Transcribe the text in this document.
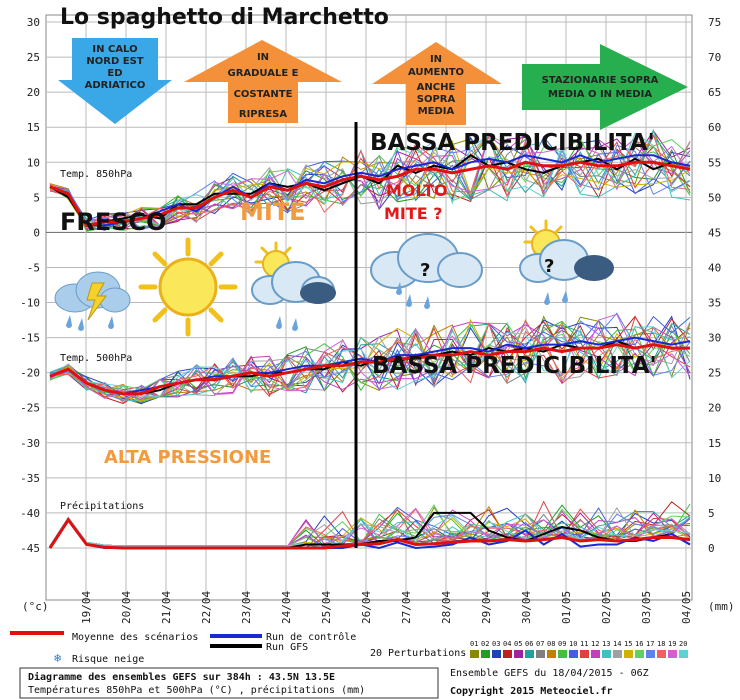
30	75
25	70
20	65
15	60
10	55
5	50
0	45
-5	40
-10	35
-15	30
-20	25
-25	20
-30	15
-35	10
-40	5
-45	0
(°c)	(mm)
19/04 20/04 21/04 22/04 23/04 24/04 25/04 26/04 27/04 28/04 29/04 30/04 01/05 02/05 03/05 04/05
Temp. 850hPa
Temp. 500hPa
Précipitations
Lo spaghetto di Marchetto
IN CALO
NORD EST
ED
ADRIATICO
IN
GRADUALE E
COSTANTE
RIPRESA
IN
AUMENTO
ANCHE
SOPRA
MEDIA
STAZIONARIE SOPRA
MEDIA O IN MEDIA
BASSA PREDICIBILITA'
BASSA PREDICIBILITA'
FRESCO	MITE
MOLTO
MITE ?
ALTA PRESSIONE
?	?
Moyenne des scénarios	Run de contrôle
Run GFS
❄ Risque neige
20 Perturbations
01 02 03 04 05 06 07 08 09 10 11 12 13 14 15 16 17 18 19 20
Diagramme des ensembles GEFS sur 384h : 43.5N 13.5E
Températures 850hPa et 500hPa (°C) , précipitations (mm)
Ensemble GEFS du 18/04/2015 - 06Z
Copyright 2015 Meteociel.fr
